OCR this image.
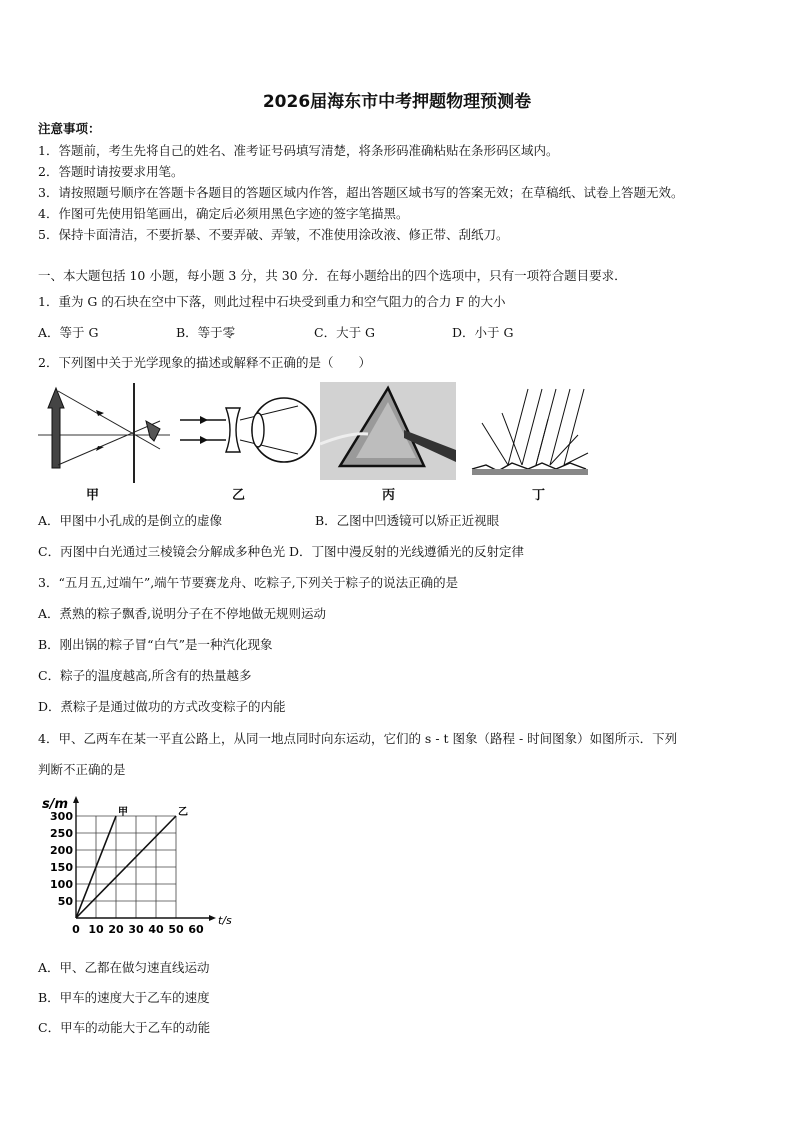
2026届海东市中考押题物理预测卷
注意事项：
1．答题前，考生先将自己的姓名、准考证号码填写清楚，将条形码准确粘贴在条形码区域内。
2．答题时请按要求用笔。
3．请按照题号顺序在答题卡各题目的答题区域内作答，超出答题区域书写的答案无效；在草稿纸、试卷上答题无效。
4．作图可先使用铅笔画出，确定后必须用黑色字迹的签字笔描黑。
5．保持卡面清洁，不要折暴、不要弄破、弄皱，不准使用涂改液、修正带、刮纸刀。
一、本大题包括 10 小题，每小题 3 分，共 30 分．在每小题给出的四个选项中，只有一项符合题目要求．
1．重为 G 的石块在空中下落，则此过程中石块受到重力和空气阻力的合力 F 的大小
A．等于 G	B．等于零	C．大于 G	D．小于 G
2．下列图中关于光学现象的描述或解释不正确的是（　　）
甲	乙	丙	丁
A．甲图中小孔成的是倒立的虚像	B．乙图中凹透镜可以矫正近视眼
C．丙图中白光通过三棱镜会分解成多种色光 D．丁图中漫反射的光线遵循光的反射定律
3．“五月五,过端午”,端午节要赛龙舟、吃粽子,下列关于粽子的说法正确的是
A．煮熟的粽子飘香,说明分子在不停地做无规则运动
B．刚出锅的粽子冒“白气”是一种汽化现象
C．粽子的温度越高,所含有的热量越多
D．煮粽子是通过做功的方式改变粽子的内能
4．甲、乙两车在某一平直公路上，从同一地点同时向东运动，它们的 s - t 图象（路程 - 时间图象）如图所示．下列
判断不正确的是
0 10 20 30 40 50 60
50
100
150
200
250
300
t/s
s/m
甲	乙
A．甲、乙都在做匀速直线运动
B．甲车的速度大于乙车的速度
C．甲车的动能大于乙车的动能
